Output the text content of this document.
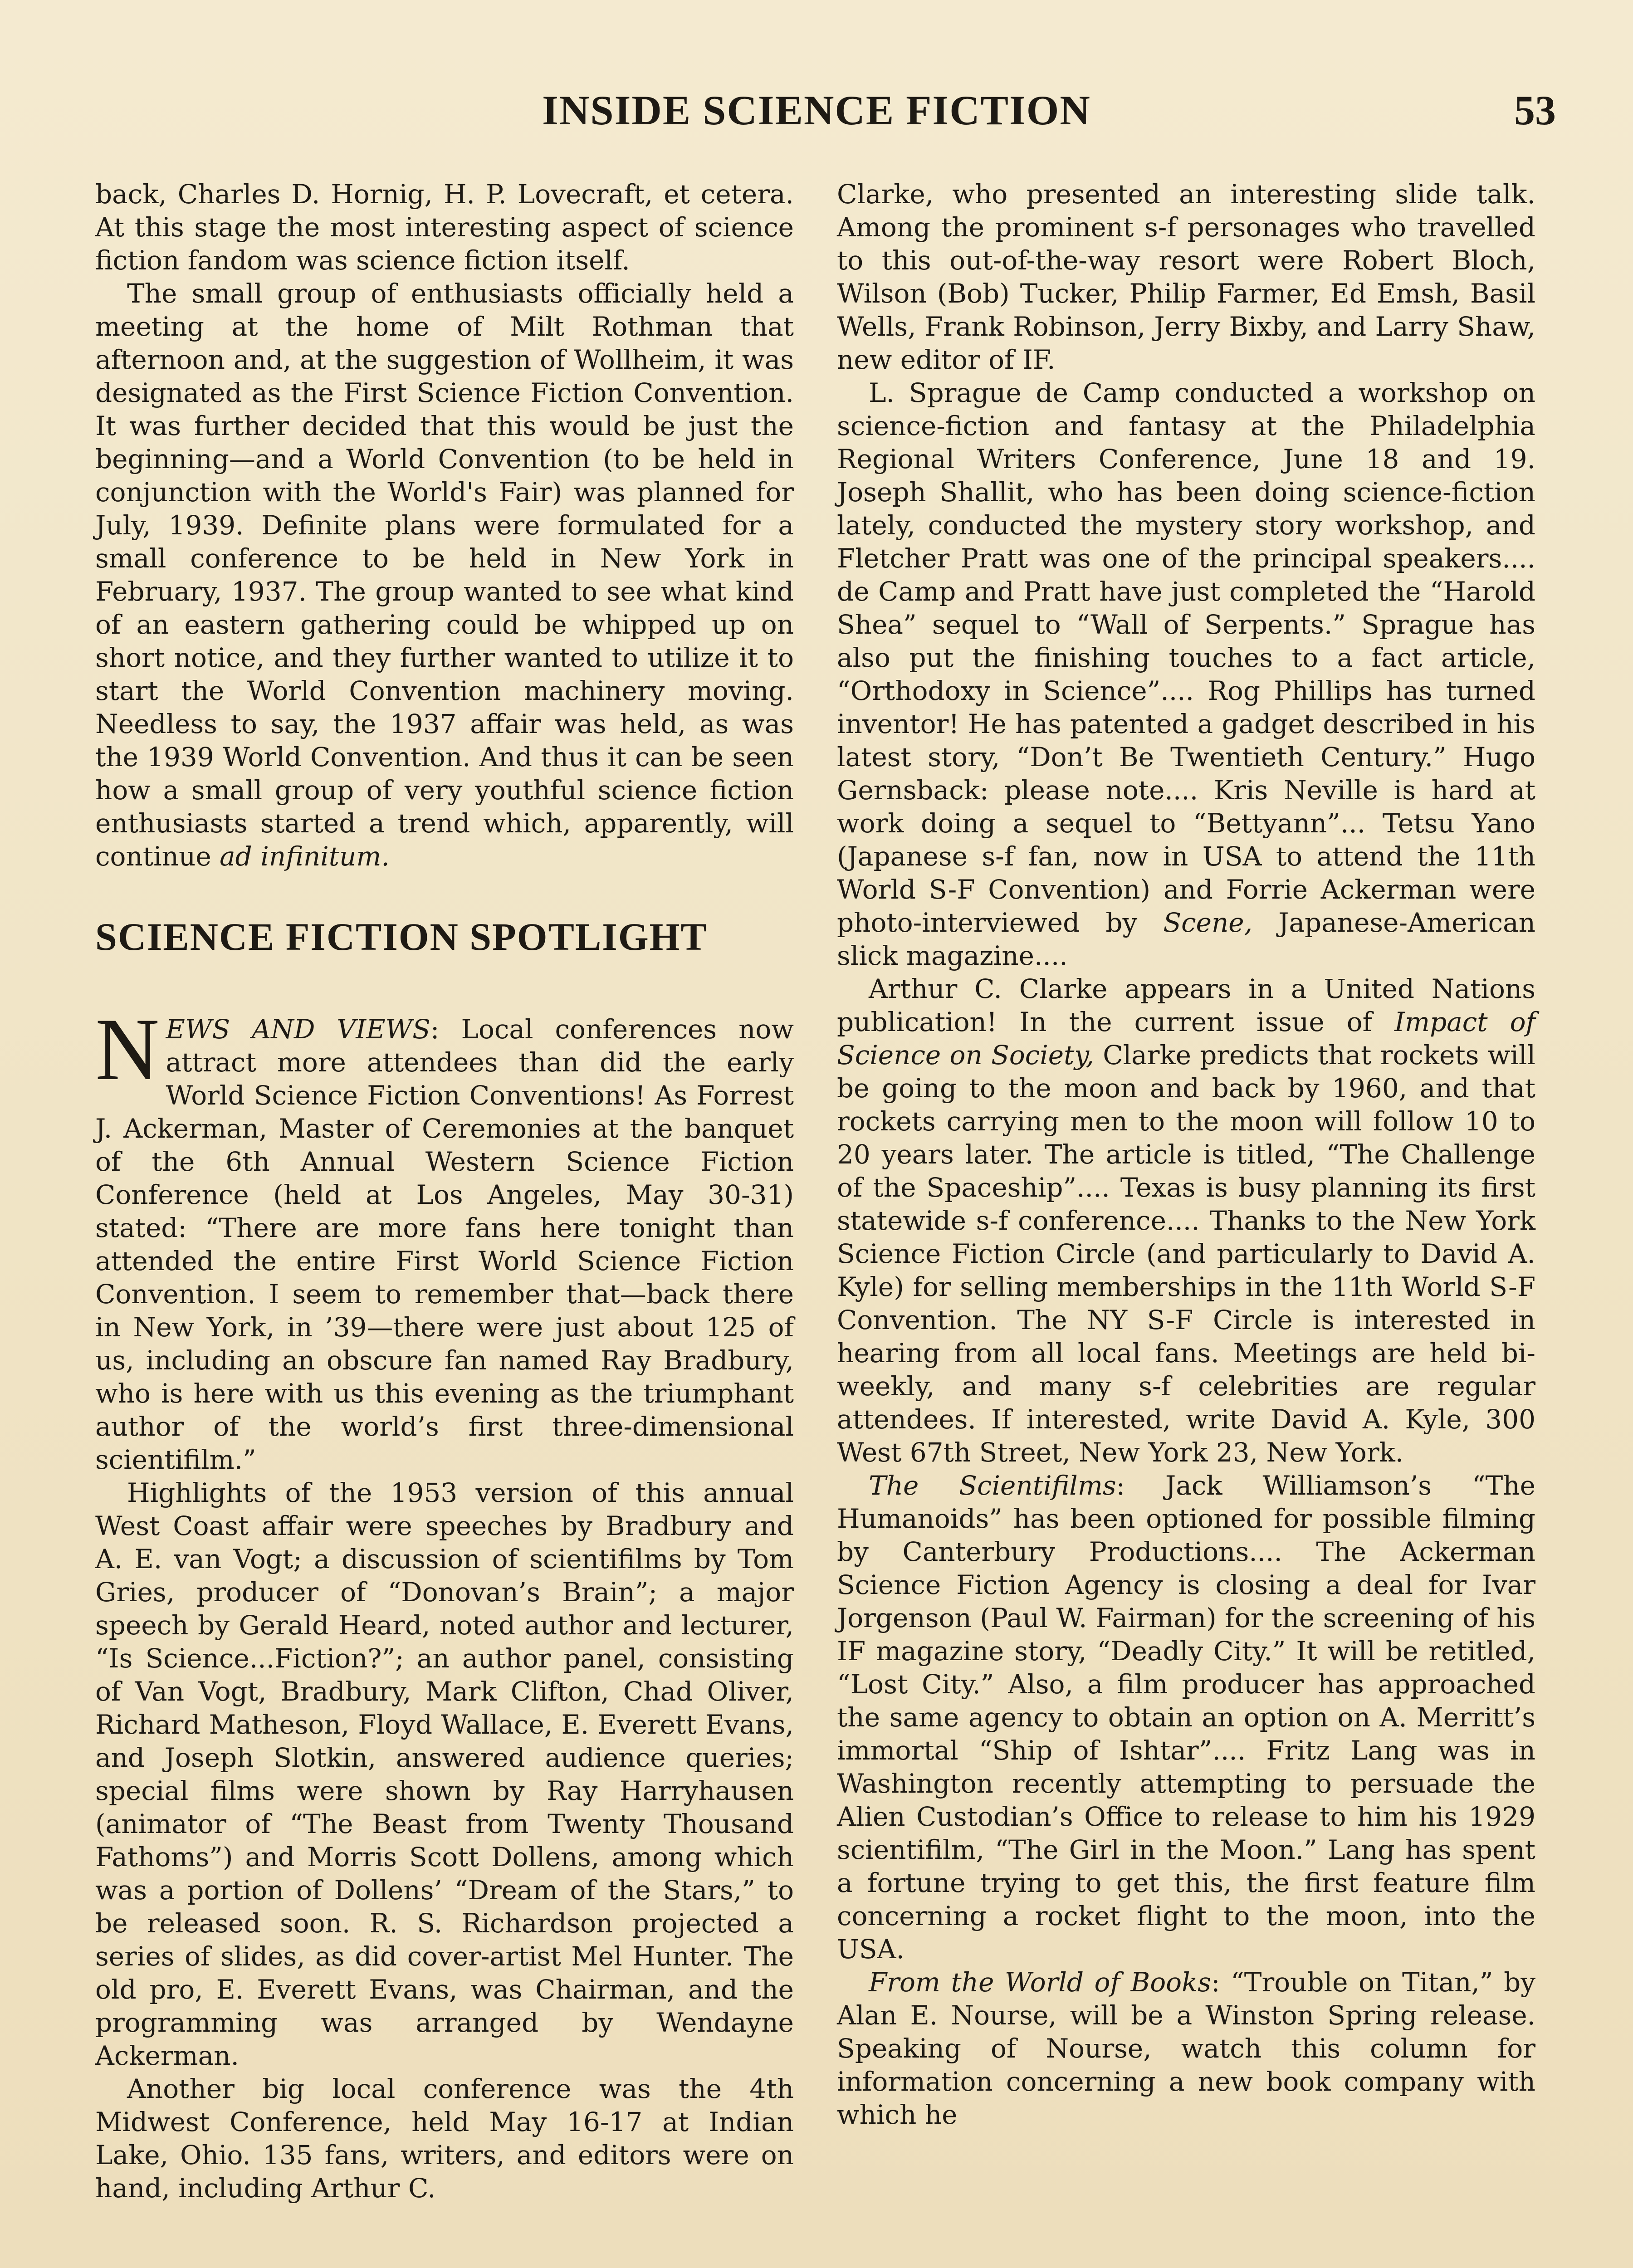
INSIDE SCIENCE FICTION	53

back, Charles D. Hornig, H. P. Lovecraft, et cetera. At this stage the most interesting aspect of science fiction fandom was science fiction itself.

The small group of enthusiasts officially held a meeting at the home of Milt Rothman that afternoon and, at the suggestion of Wollheim, it was designated as the First Science Fiction Convention. It was further decided that this would be just the beginning—and a World Convention (to be held in conjunction with the World's Fair) was planned for July, 1939. Definite plans were formulated for a small conference to be held in New York in February, 1937. The group wanted to see what kind of an eastern gathering could be whipped up on short notice, and they further wanted to utilize it to start the World Convention machinery moving. Needless to say, the 1937 affair was held, as was the 1939 World Convention. And thus it can be seen how a small group of very youthful science fiction enthusiasts started a trend which, apparently, will continue ad infinitum.

SCIENCE FICTION SPOTLIGHT

NEWS AND VIEWS: Local conferences now attract more attendees than did the early World Science Fiction Conventions! As Forrest J. Ackerman, Master of Ceremonies at the banquet of the 6th Annual Western Science Fiction Conference (held at Los Angeles, May 30-31) stated: “There are more fans here tonight than attended the entire First World Science Fiction Convention. I seem to remember that—back there in New York, in ’39—there were just about 125 of us, including an obscure fan named Ray Bradbury, who is here with us this evening as the triumphant author of the world’s first three-dimensional scientifilm.”

Highlights of the 1953 version of this annual West Coast affair were speeches by Bradbury and A. E. van Vogt; a discussion of scientifilms by Tom Gries, producer of “Donovan’s Brain”; a major speech by Gerald Heard, noted author and lecturer, “Is Science...Fiction?”; an author panel, consisting of Van Vogt, Bradbury, Mark Clifton, Chad Oliver, Richard Matheson, Floyd Wallace, E. Everett Evans, and Joseph Slotkin, answered audience queries; special films were shown by Ray Harryhausen (animator of “The Beast from Twenty Thousand Fathoms”) and Morris Scott Dollens, among which was a portion of Dollens’ “Dream of the Stars,” to be released soon. R. S. Richardson projected a series of slides, as did cover-artist Mel Hunter. The old pro, E. Everett Evans, was Chairman, and the programming was arranged by Wendayne Ackerman.

Another big local conference was the 4th Midwest Conference, held May 16-17 at Indian Lake, Ohio. 135 fans, writers, and editors were on hand, including Arthur C.

Clarke, who presented an interesting slide talk. Among the prominent s-f personages who travelled to this out-of-the-way resort were Robert Bloch, Wilson (Bob) Tucker, Philip Farmer, Ed Emsh, Basil Wells, Frank Robinson, Jerry Bixby, and Larry Shaw, new editor of IF.

L. Sprague de Camp conducted a workshop on science-fiction and fantasy at the Philadelphia Regional Writers Conference, June 18 and 19. Joseph Shallit, who has been doing science-fiction lately, conducted the mystery story workshop, and Fletcher Pratt was one of the principal speakers.... de Camp and Pratt have just completed the “Harold Shea” sequel to “Wall of Serpents.” Sprague has also put the finishing touches to a fact article, “Orthodoxy in Science”.... Rog Phillips has turned inventor! He has patented a gadget described in his latest story, “Don’t Be Twentieth Century.” Hugo Gernsback: please note.... Kris Neville is hard at work doing a sequel to “Bettyann”... Tetsu Yano (Japanese s-f fan, now in USA to attend the 11th World S-F Convention) and Forrie Ackerman were photo-interviewed by Scene, Japanese-American slick magazine....

Arthur C. Clarke appears in a United Nations publication! In the current issue of Impact of Science on Society, Clarke predicts that rockets will be going to the moon and back by 1960, and that rockets carrying men to the moon will follow 10 to 20 years later. The article is titled, “The Challenge of the Spaceship”.... Texas is busy planning its first statewide s-f conference.... Thanks to the New York Science Fiction Circle (and particularly to David A. Kyle) for selling memberships in the 11th World S-F Convention. The NY S-F Circle is interested in hearing from all local fans. Meetings are held bi-weekly, and many s-f celebrities are regular attendees. If interested, write David A. Kyle, 300 West 67th Street, New York 23, New York.

The Scientifilms: Jack Williamson’s “The Humanoids” has been optioned for possible filming by Canterbury Productions.... The Ackerman Science Fiction Agency is closing a deal for Ivar Jorgenson (Paul W. Fairman) for the screening of his IF magazine story, “Deadly City.” It will be retitled, “Lost City.” Also, a film producer has approached the same agency to obtain an option on A. Merritt’s immortal “Ship of Ishtar”.... Fritz Lang was in Washington recently attempting to persuade the Alien Custodian’s Office to release to him his 1929 scientifilm, “The Girl in the Moon.” Lang has spent a fortune trying to get this, the first feature film concerning a rocket flight to the moon, into the USA.

From the World of Books: “Trouble on Titan,” by Alan E. Nourse, will be a Winston Spring release. Speaking of Nourse, watch this column for information concerning a new book company with which he
